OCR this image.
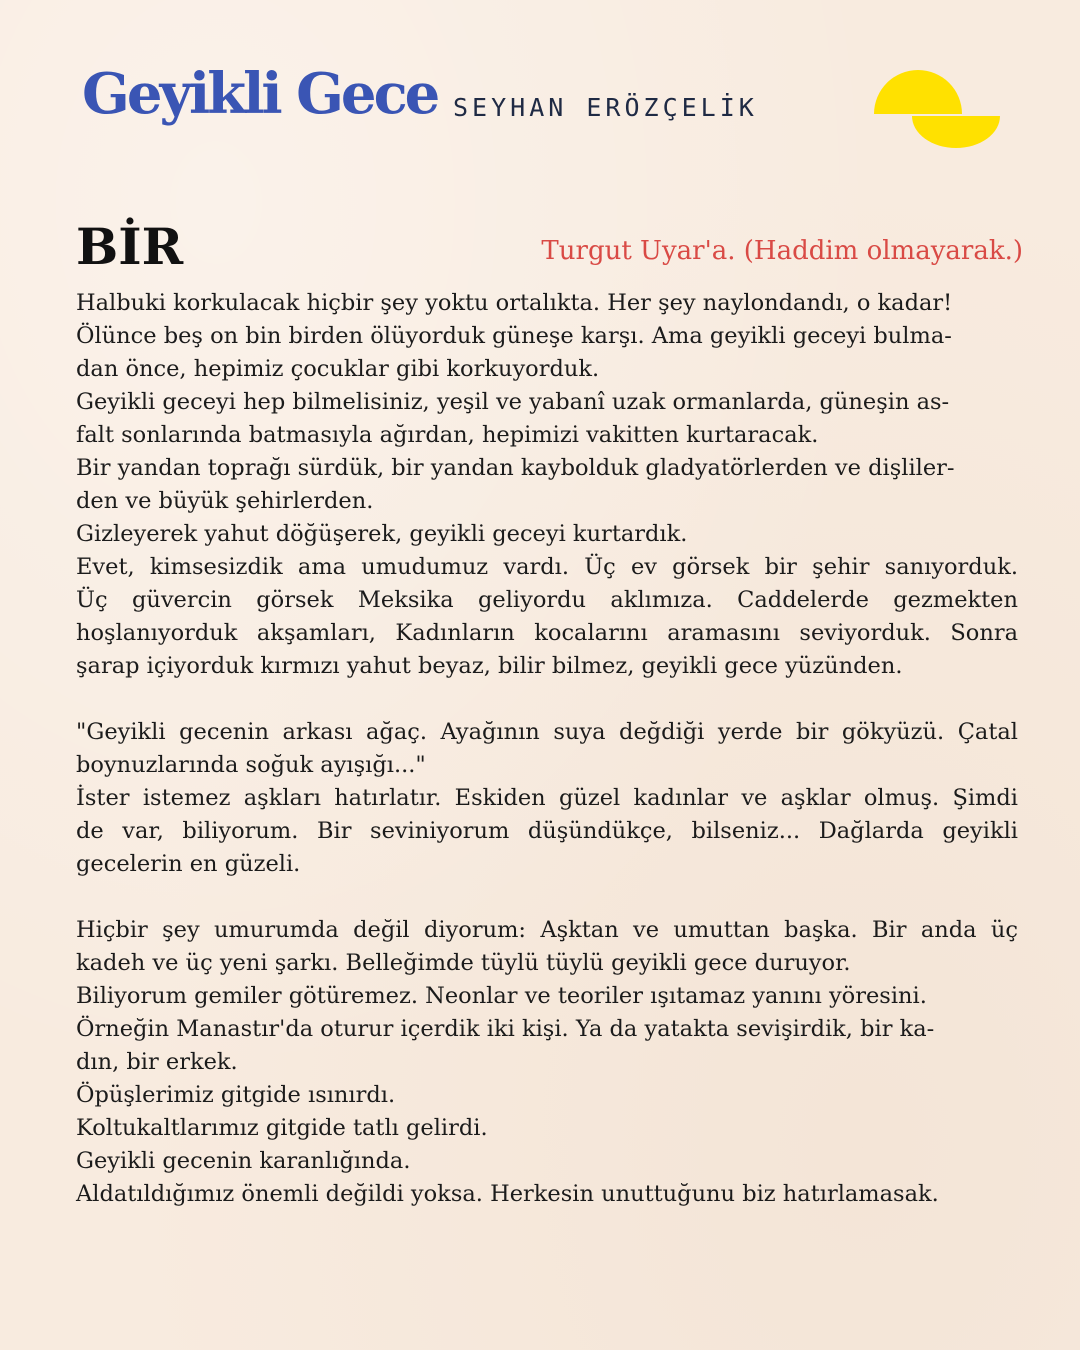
Geyikli Gece SEYHAN ERÖZÇELİK
BİR	Turgut Uyar'a. (Haddim olmayarak.)
Halbuki korkulacak hiçbir şey yoktu ortalıkta. Her şey naylondandı, o kadar!
Ölünce beş on bin birden ölüyorduk güneşe karşı. Ama geyikli geceyi bulma-
dan önce, hepimiz çocuklar gibi korkuyorduk.
Geyikli geceyi hep bilmelisiniz, yeşil ve yabanî uzak ormanlarda, güneşin as-
falt sonlarında batmasıyla ağırdan, hepimizi vakitten kurtaracak.
Bir yandan toprağı sürdük, bir yandan kaybolduk gladyatörlerden ve dişliler-
den ve büyük şehirlerden.
Gizleyerek yahut döğüşerek, geyikli geceyi kurtardık.
Evet, kimsesizdik ama umudumuz vardı. Üç ev görsek bir şehir sanıyorduk.
Üç güvercin görsek Meksika geliyordu aklımıza. Caddelerde gezmekten
hoşlanıyorduk akşamları, Kadınların kocalarını aramasını seviyorduk. Sonra
şarap içiyorduk kırmızı yahut beyaz, bilir bilmez, geyikli gece yüzünden.
"Geyikli gecenin arkası ağaç. Ayağının suya değdiği yerde bir gökyüzü. Çatal
boynuzlarında soğuk ayışığı..."
İster istemez aşkları hatırlatır. Eskiden güzel kadınlar ve aşklar olmuş. Şimdi
de var, biliyorum. Bir seviniyorum düşündükçe, bilseniz... Dağlarda geyikli
gecelerin en güzeli.
Hiçbir şey umurumda değil diyorum: Aşktan ve umuttan başka. Bir anda üç
kadeh ve üç yeni şarkı. Belleğimde tüylü tüylü geyikli gece duruyor.
Biliyorum gemiler götüremez. Neonlar ve teoriler ışıtamaz yanını yöresini.
Örneğin Manastır'da oturur içerdik iki kişi. Ya da yatakta sevişirdik, bir ka-
dın, bir erkek.
Öpüşlerimiz gitgide ısınırdı.
Koltukaltlarımız gitgide tatlı gelirdi.
Geyikli gecenin karanlığında.
Aldatıldığımız önemli değildi yoksa. Herkesin unuttuğunu biz hatırlamasak.
